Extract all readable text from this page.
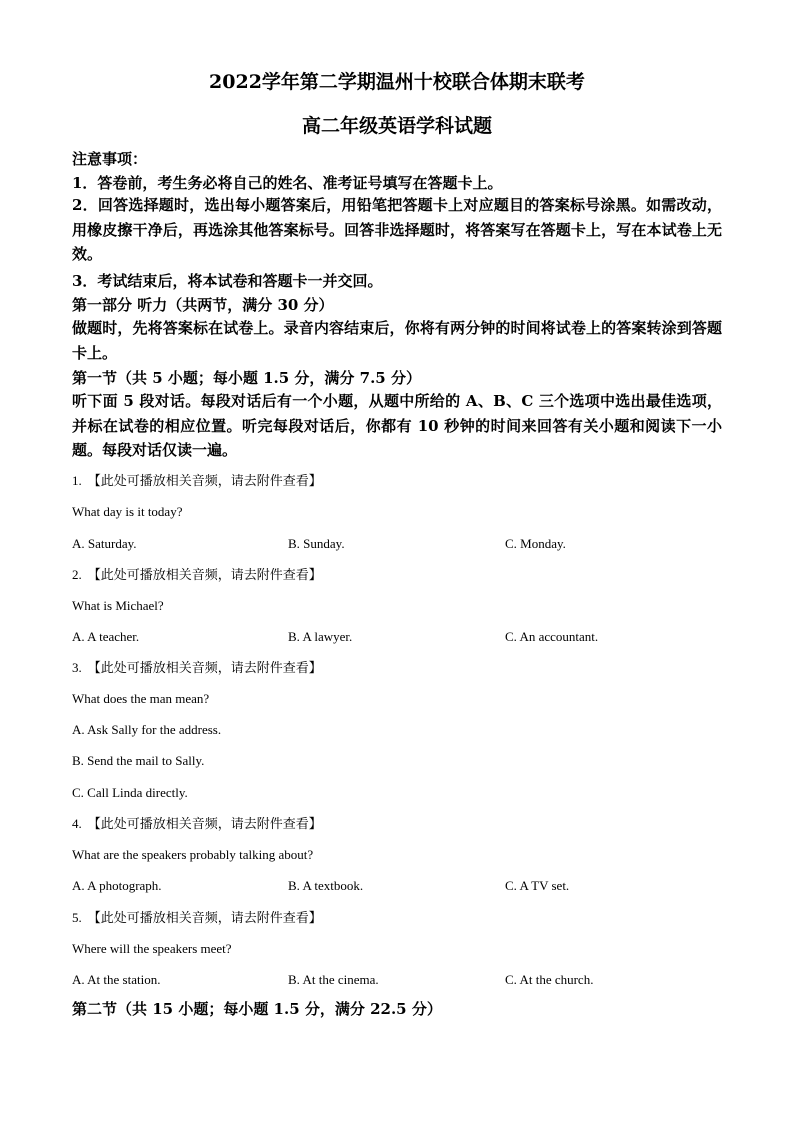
2022学年第二学期温州十校联合体期末联考
高二年级英语学科试题
注意事项：
1．答卷前，考生务必将自己的姓名、准考证号填写在答题卡上。
2．回答选择题时，选出每小题答案后，用铅笔把答题卡上对应题目的答案标号涂黑。如需改动，用橡皮擦干净后，再选涂其他答案标号。回答非选择题时，将答案写在答题卡上，写在本试卷上无效。
3．考试结束后，将本试卷和答题卡一并交回。
第一部分 听力（共两节，满分 30 分）
做题时，先将答案标在试卷上。录音内容结束后，你将有两分钟的时间将试卷上的答案转涂到答题卡上。
第一节（共 5 小题；每小题 1.5 分，满分 7.5 分）
听下面 5 段对话。每段对话后有一个小题，从题中所给的 A、B、C 三个选项中选出最佳选项，并标在试卷的相应位置。听完每段对话后，你都有 10 秒钟的时间来回答有关小题和阅读下一小题。每段对话仅读一遍。
1. 【此处可播放相关音频，请去附件查看】
What day is it today?
A. Saturday.	B. Sunday.	C. Monday.
2. 【此处可播放相关音频，请去附件查看】
What is Michael?
A. A teacher.	B. A lawyer.	C. An accountant.
3. 【此处可播放相关音频，请去附件查看】
What does the man mean?
A. Ask Sally for the address.
B. Send the mail to Sally.
C. Call Linda directly.
4. 【此处可播放相关音频，请去附件查看】
What are the speakers probably talking about?
A. A photograph.	B. A textbook.	C. A TV set.
5. 【此处可播放相关音频，请去附件查看】
Where will the speakers meet?
A. At the station.	B. At the cinema.	C. At the church.
第二节（共 15 小题；每小题 1.5 分，满分 22.5 分）
